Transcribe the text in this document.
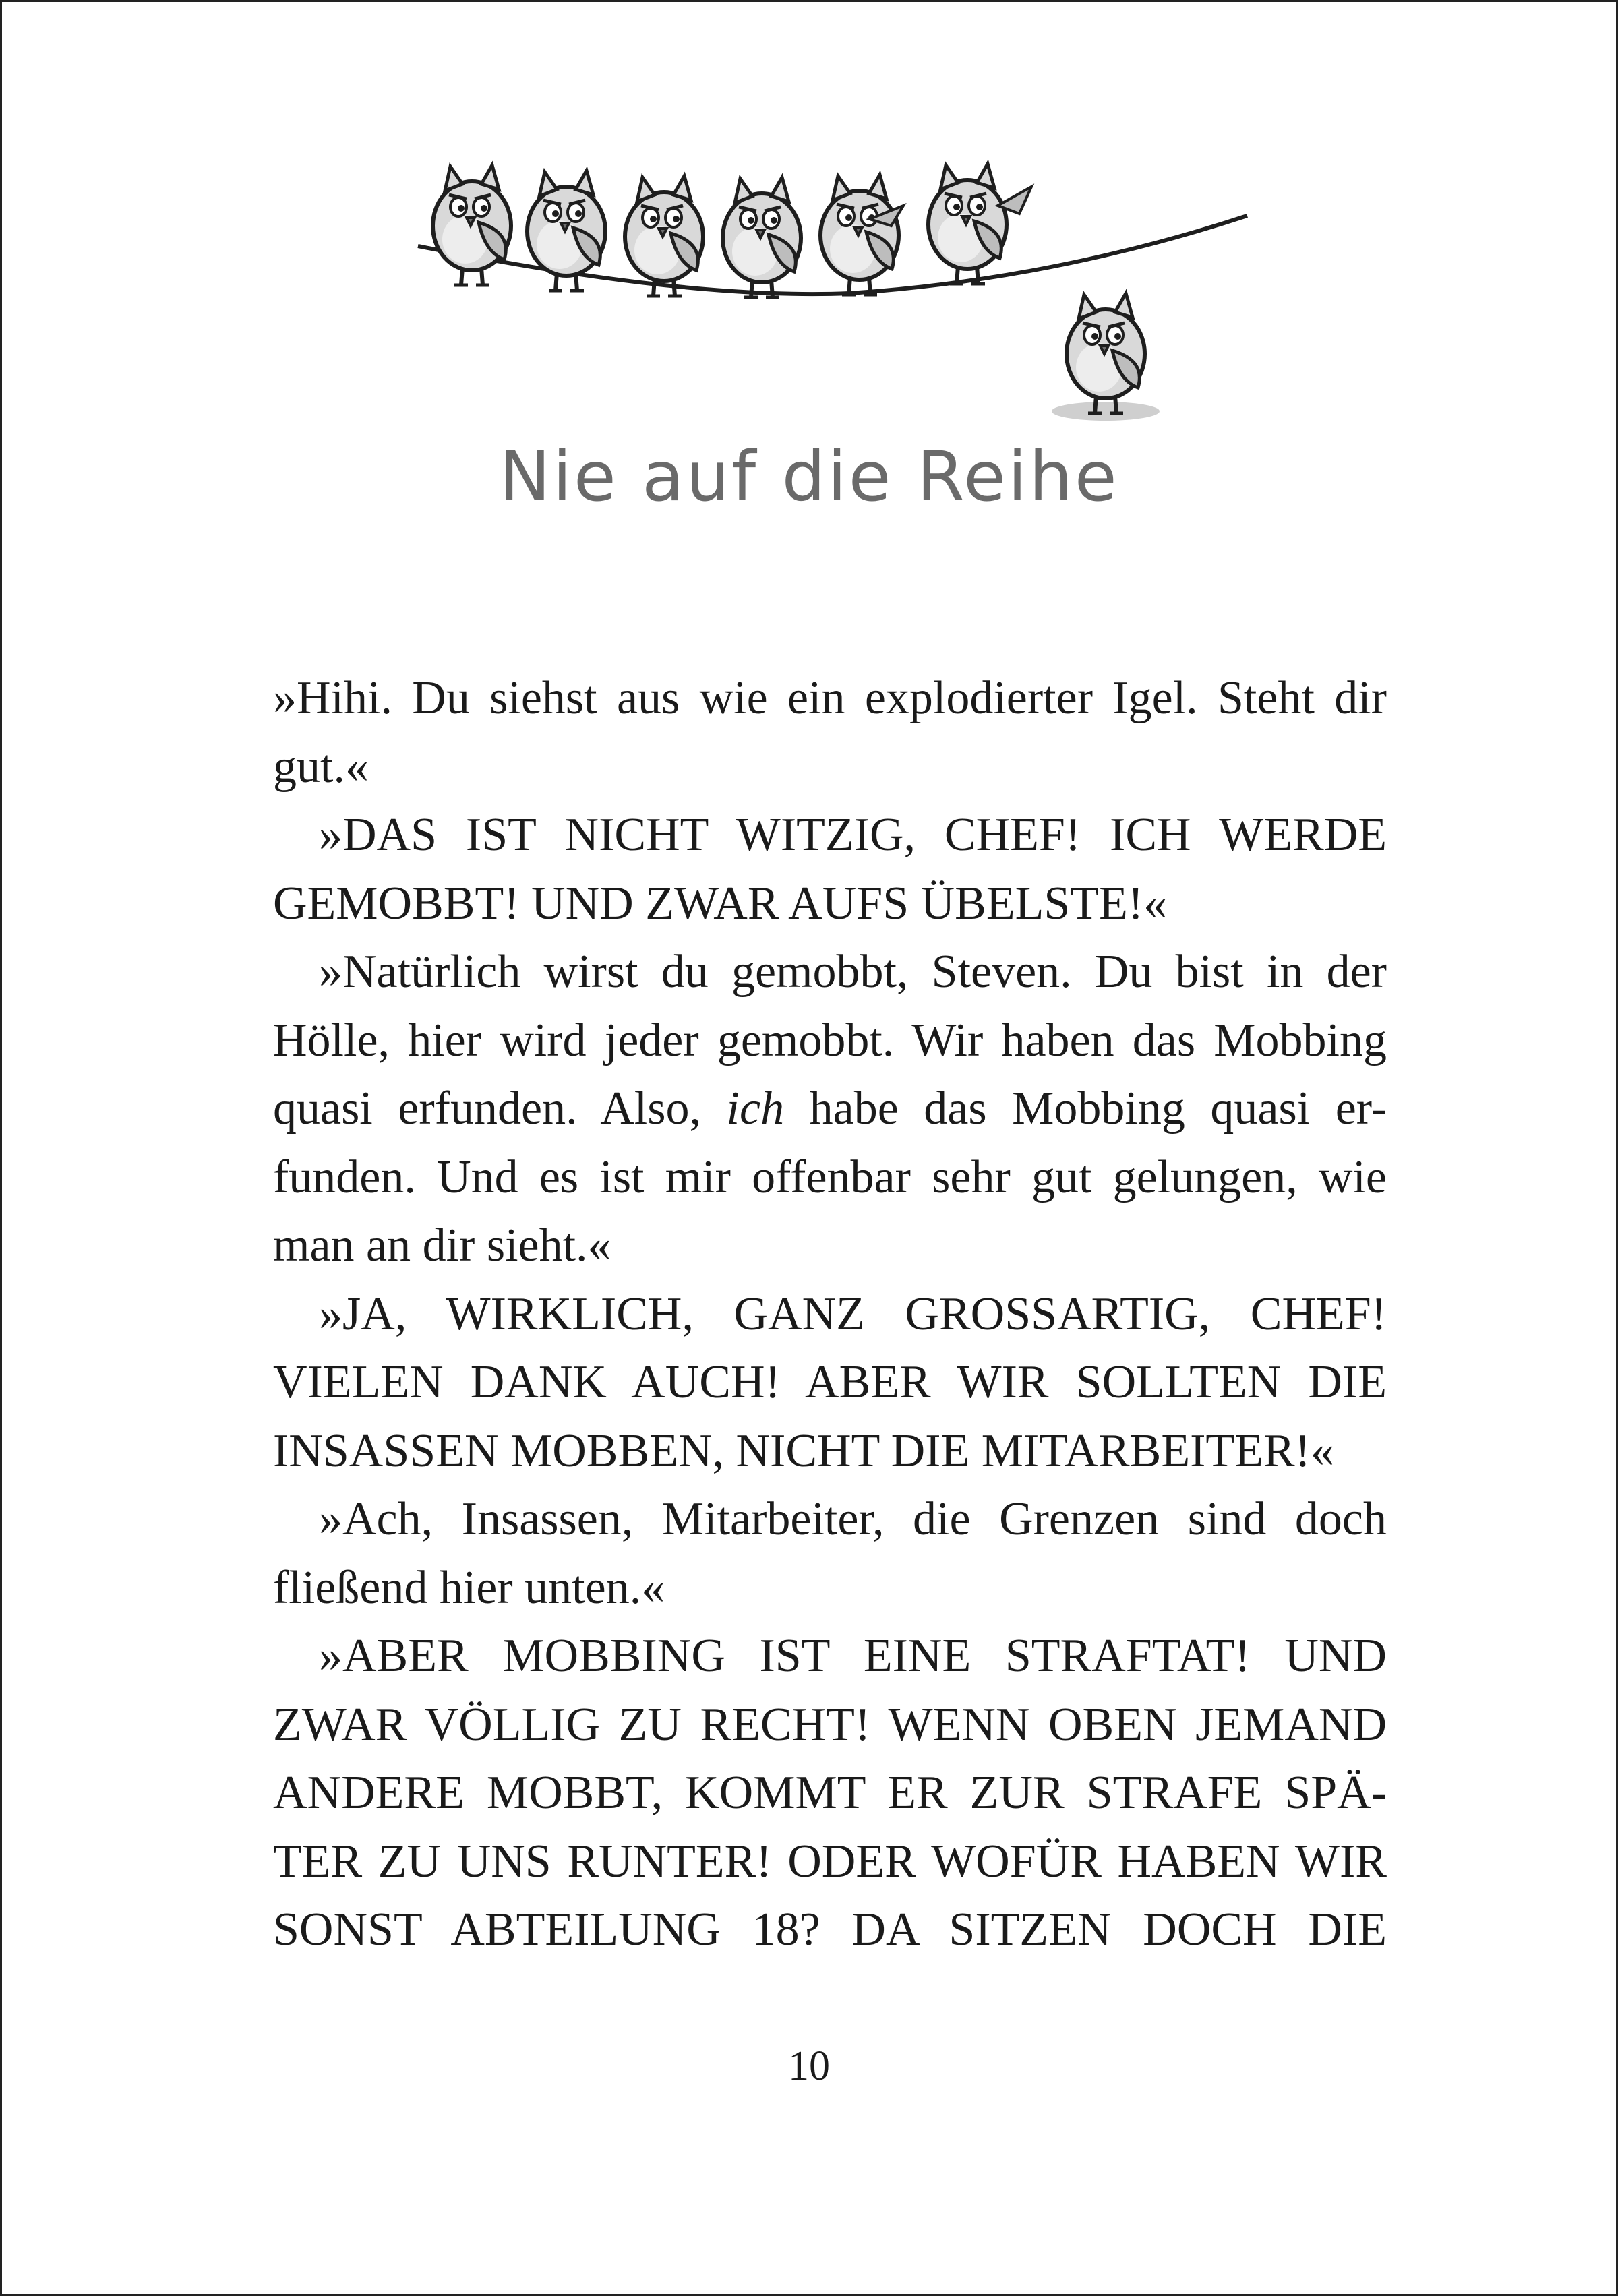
Nie auf die Reihe
»Hihi. Du siehst aus wie ein explodierter Igel. Steht dir
gut.«
»DAS IST NICHT WITZIG, CHEF! ICH WERDE
GEMOBBT! UND ZWAR AUFS ÜBELSTE!«
»Natürlich wirst du gemobbt, Steven. Du bist in der
Hölle, hier wird jeder gemobbt. Wir haben das Mobbing
quasi erfunden. Also, ich habe das Mobbing quasi er-
funden. Und es ist mir offenbar sehr gut gelungen, wie
man an dir sieht.«
»JA, WIRKLICH, GANZ GROSSARTIG, CHEF!
VIELEN DANK AUCH! ABER WIR SOLLTEN DIE
INSASSEN MOBBEN, NICHT DIE MITARBEITER!«
»Ach, Insassen, Mitarbeiter, die Grenzen sind doch
fließend hier unten.«
»ABER MOBBING IST EINE STRAFTAT! UND
ZWAR VÖLLIG ZU RECHT! WENN OBEN JEMAND
ANDERE MOBBT, KOMMT ER ZUR STRAFE SPÄ-
TER ZU UNS RUNTER! ODER WOFÜR HABEN WIR
SONST ABTEILUNG 18? DA SITZEN DOCH DIE
10
